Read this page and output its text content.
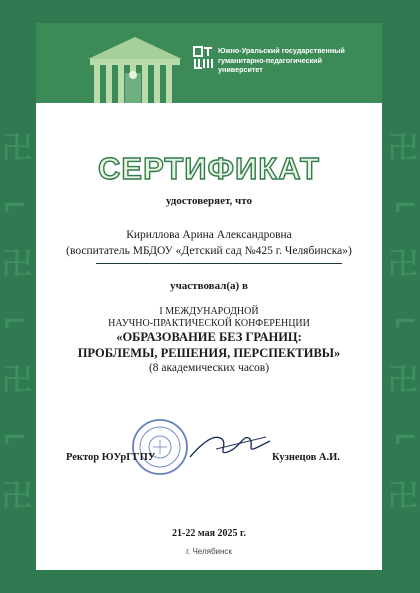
卍
⌐
卍
⌐
卍
⌐
卍
卍
⌐
卍
⌐
卍
⌐
卍
Южно-Уральский государственный
гуманитарно-педагогический
университет
СЕРТИФИКАТ
удостоверяет, что
Кириллова Арина Александровна
(воспитатель МБДОУ «Детский сад №425 г. Челябинска»)
участвовал(а) в
I МЕЖДУНАРОДНОЙ
НАУЧНО-ПРАКТИЧЕСКОЙ КОНФЕРЕНЦИИ
«ОБРАЗОВАНИЕ БЕЗ ГРАНИЦ:
ПРОБЛЕМЫ, РЕШЕНИЯ, ПЕРСПЕКТИВЫ»
(8 академических часов)
Ректор ЮУрГГПУ	Кузнецов А.И.
21-22 мая 2025 г.
г. Челябинск
